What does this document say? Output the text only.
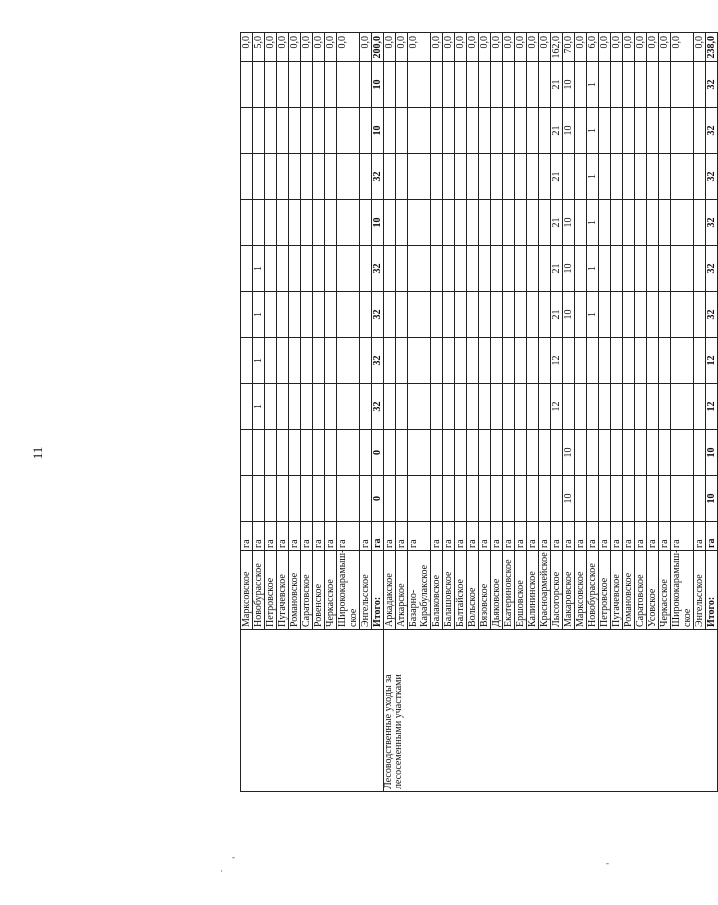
11
·
-
-
	Марксовское	га											0,0
	Новобурасское	га			1	1	1	1					5,0
	Петровское	га											0,0
	Пугачевское	га											0,0
	Романовское	га											0,0
	Саратовское	га											0,0
	Ровенское	га											0,0
	Черкасское	га											0,0
	Ширококарамыш-ское	га											0,0
	Энгельсское	га											0,0
	Итого:	га	0	0	32	32	32	32	10	32	10	10	200,0
Лесоводственные уходы за лесосеменными участками	Аркадакское	га											0,0
	Аткарское	га											0,0
	Базарно-Карабулакское	га											0,0
	Балаковское	га											0,0
	Балашовское	га											0,0
	Балтайское	га											0,0
	Вольское	га											0,0
	Вязовское	га											0,0
	Дьяковское	га											0,0
	Екатериновское	га											0,0
	Ершовское	га											0,0
	Калининское	га											0,0
	Красноармейское	га											0,0
	Лысогорское	га			12	12	21	21	21	21	21	21	162,0
	Макаровское	га	10	10			10	10	10		10	10	70,0
	Марксовское	га											0,0
	Новобурасское	га					1	1	1	1	1	1	6,0
	Петровское	га											0,0
	Пугачевское	га											0,0
	Романовское	га											0,0
	Саратовское	га											0,0
	Усовское	га											0,0
	Черкасское	га											0,0
	Ширококарамыш-ское	га											0,0
	Энгельсское	га											0,0
	Итого:	га	10	10	12	12	32	32	32	32	32	32	238,0
